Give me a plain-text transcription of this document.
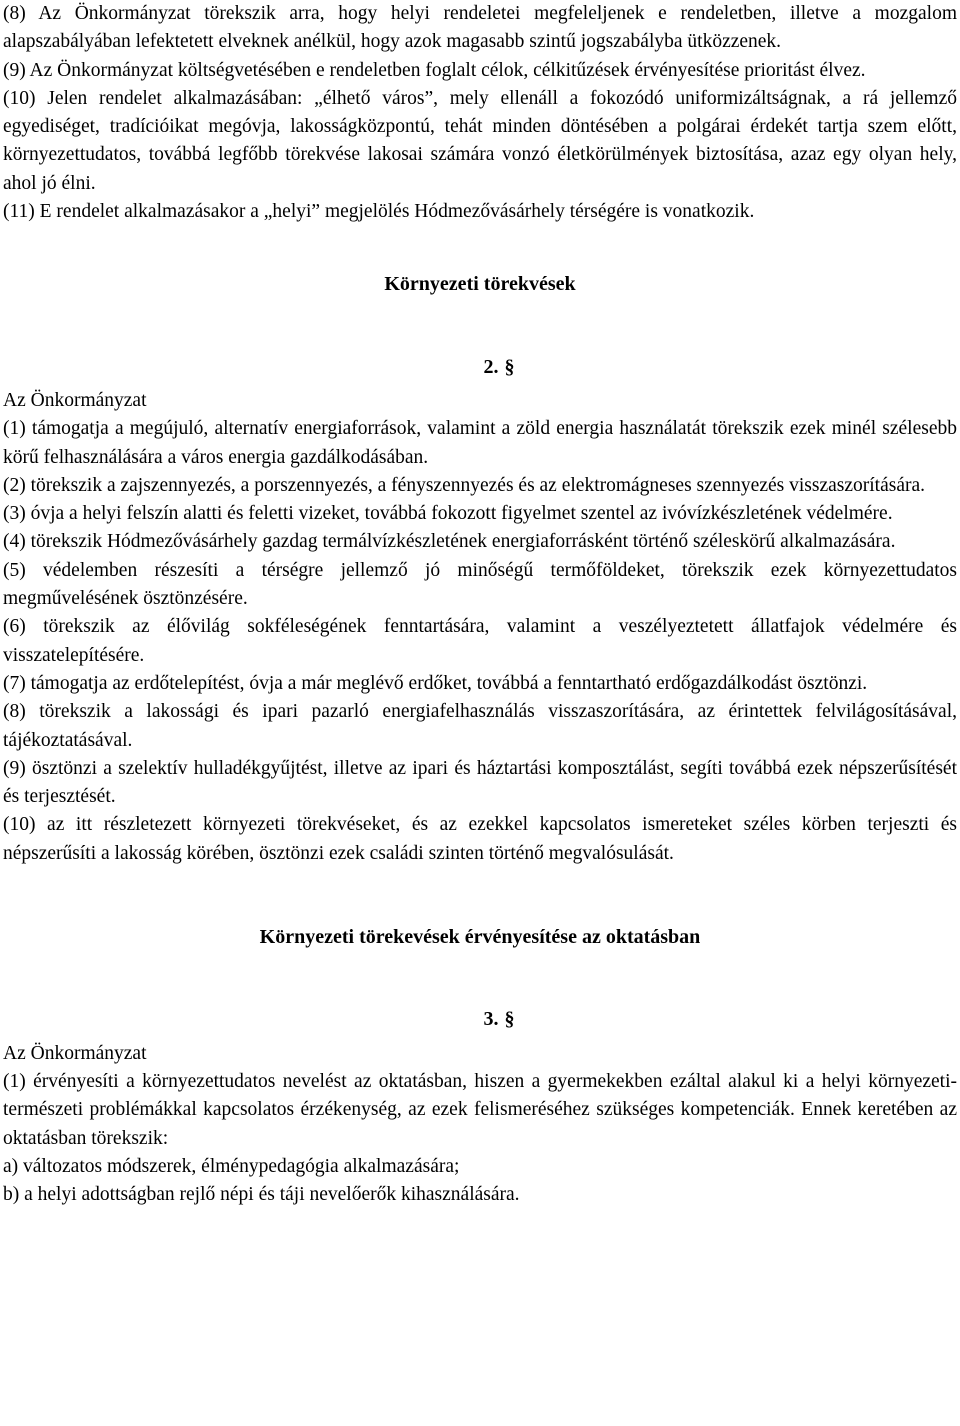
(8) Az Önkormányzat törekszik arra, hogy helyi rendeletei megfeleljenek e rendeletben, illetve a mozgalom alapszabályában lefektetett elveknek anélkül, hogy azok magasabb szintű jogszabályba ütközzenek.

(9) Az Önkormányzat költségvetésében e rendeletben foglalt célok, célkitűzések érvényesítése prioritást élvez.

(10) Jelen rendelet alkalmazásában: „élhető város”, mely ellenáll a fokozódó uniformizáltságnak, a rá jellemző egyediséget, tradícióikat megóvja, lakosságközpontú, tehát minden döntésében a polgárai érdekét tartja szem előtt, környezettudatos, továbbá legfőbb törekvése lakosai számára vonzó életkörülmények biztosítása, azaz egy olyan hely, ahol jó élni.

(11) E rendelet alkalmazásakor a „helyi” megjelölés Hódmezővásárhely térségére is vonatkozik.

Környezeti törekvések

2. §

Az Önkormányzat

(1) támogatja a megújuló, alternatív energiaforrások, valamint a zöld energia használatát törekszik ezek minél szélesebb körű felhasználására a város energia gazdálkodásában.

(2) törekszik a zajszennyezés, a porszennyezés, a fényszennyezés és az elektromágneses szennyezés visszaszorítására.

(3) óvja a helyi felszín alatti és feletti vizeket, továbbá fokozott figyelmet szentel az ivóvízkészletének védelmére.

(4) törekszik Hódmezővásárhely gazdag termálvízkészletének energiaforrásként történő széleskörű alkalmazására.

(5) védelemben részesíti a térségre jellemző jó minőségű termőföldeket, törekszik ezek környezettudatos megművelésének ösztönzésére.

(6) törekszik az élővilág sokféleségének fenntartására, valamint a veszélyeztetett állatfajok védelmére és visszatelepítésére.

(7) támogatja az erdőtelepítést, óvja a már meglévő erdőket, továbbá a fenntartható erdőgazdálkodást ösztönzi.

(8) törekszik a lakossági és ipari pazarló energiafelhasználás visszaszorítására, az érintettek felvilágosításával, tájékoztatásával.

(9) ösztönzi a szelektív hulladékgyűjtést, illetve az ipari és háztartási komposztálást, segíti továbbá ezek népszerűsítését és terjesztését.

(10) az itt részletezett környezeti törekvéseket, és az ezekkel kapcsolatos ismereteket széles körben terjeszti és népszerűsíti a lakosság körében, ösztönzi ezek családi szinten történő megvalósulását.

Környezeti törekevések érvényesítése az oktatásban

3. §

Az Önkormányzat

(1) érvényesíti a környezettudatos nevelést az oktatásban, hiszen a gyermekekben ezáltal alakul ki a helyi környezeti-természeti problémákkal kapcsolatos érzékenység, az ezek felismeréséhez szükséges kompetenciák. Ennek keretében az oktatásban törekszik:

a) változatos módszerek, élménypedagógia alkalmazására;

b) a helyi adottságban rejlő népi és táji nevelőerők kihasználására.
